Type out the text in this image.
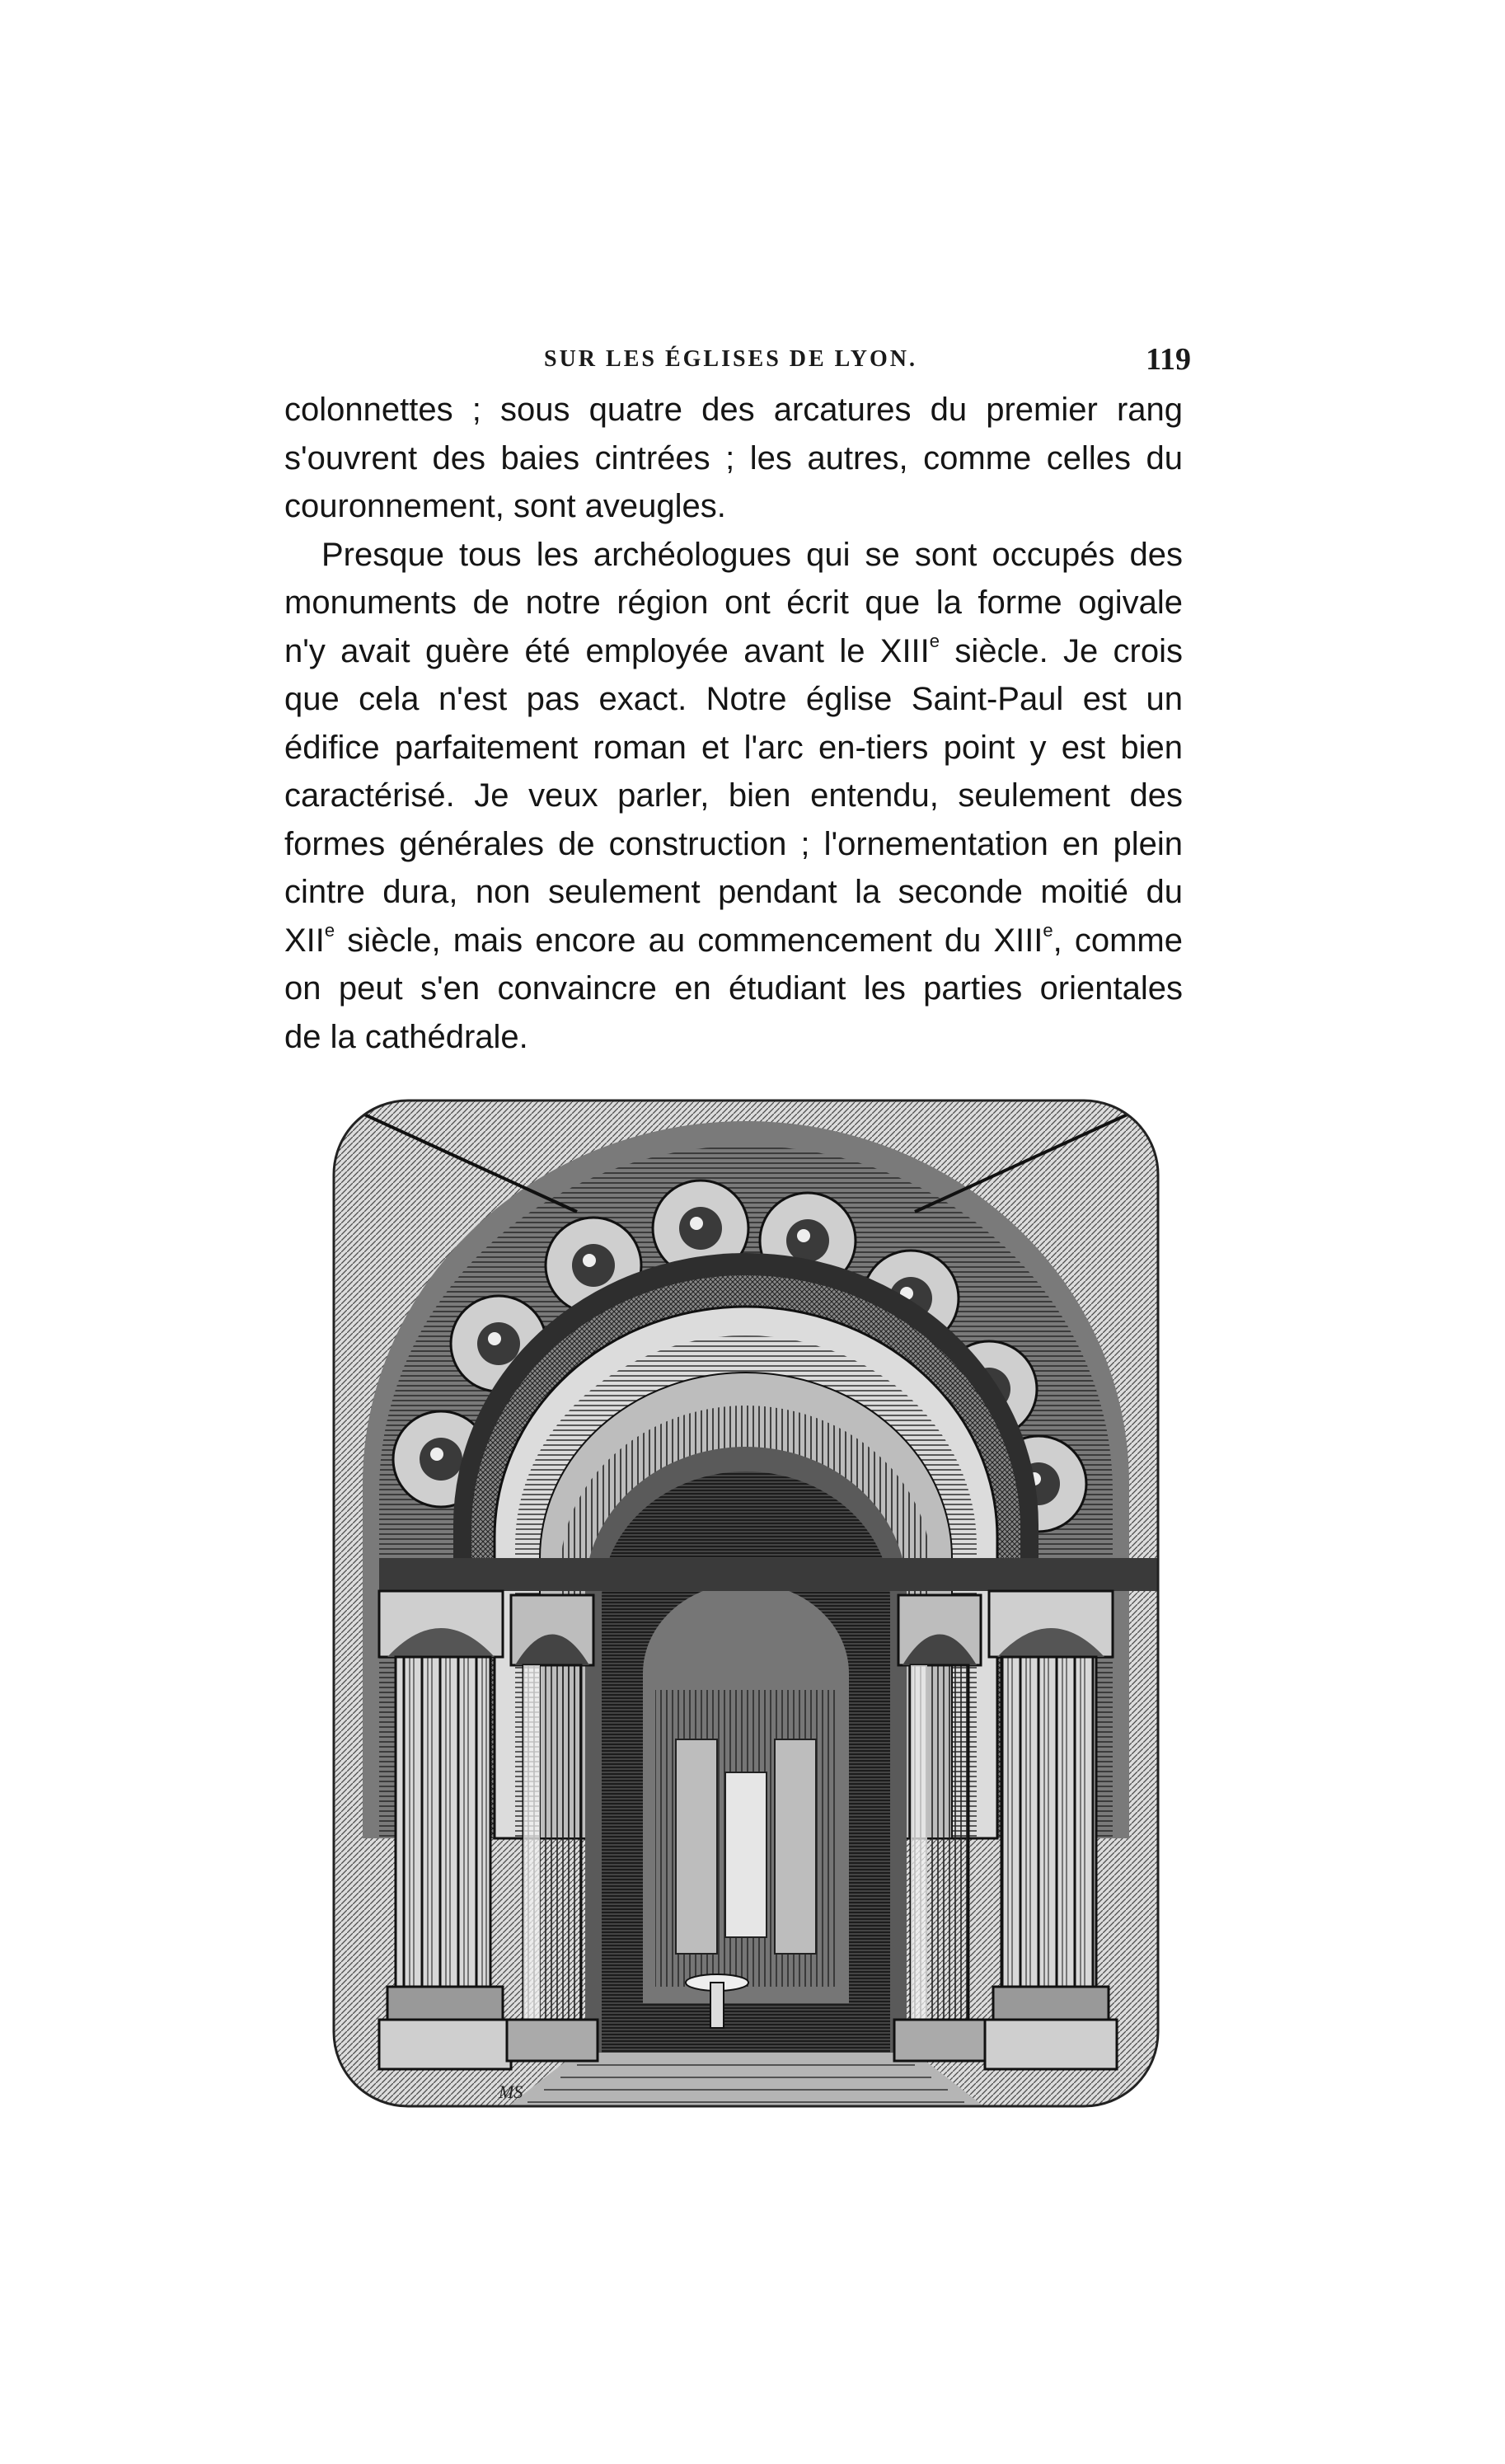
SUR LES ÉGLISES DE LYON.	119
colonnettes ; sous quatre des arcatures du premier rang
s'ouvrent des baies cintrées ; les autres, comme celles du
couronnement, sont aveugles.
Presque tous les archéologues qui se sont occupés des
monuments de notre région ont écrit que la forme ogivale
n'y avait guère été employée avant le XIIIe siècle. Je crois
que cela n'est pas exact. Notre église Saint-Paul est un
édifice parfaitement roman et l'arc en-tiers point y est bien
caractérisé. Je veux parler, bien entendu, seulement des
formes générales de construction ; l'ornementation en plein
cintre dura, non seulement pendant la seconde moitié du
XIIe siècle, mais encore au commencement du XIIIe, comme
on peut s'en convaincre en étudiant les parties orientales
de la cathédrale.
MS
